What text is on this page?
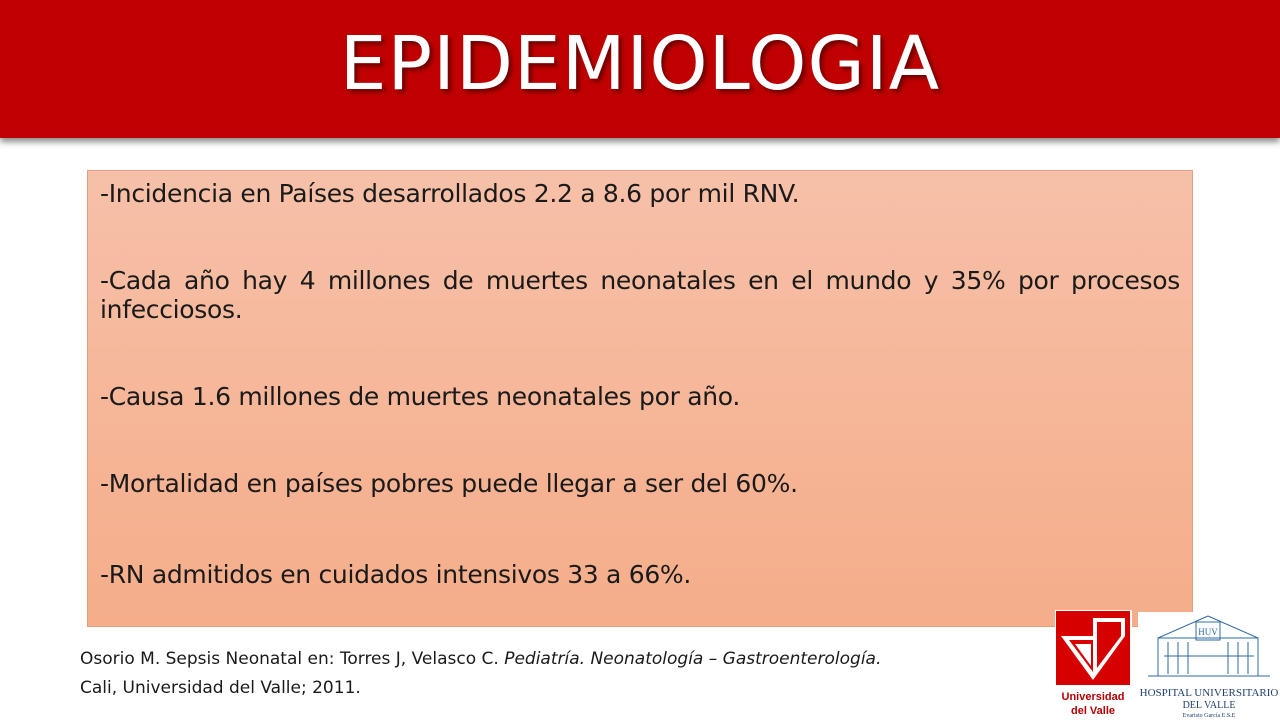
EPIDEMIOLOGIA

-Incidencia en Países desarrollados 2.2 a 8.6 por mil RNV.

-Cada año hay 4 millones de muertes neonatales en el mundo y 35% por procesos infecciosos.

-Causa 1.6 millones de muertes neonatales por año.

-Mortalidad en países pobres puede llegar a ser del 60%.

-RN admitidos en cuidados intensivos 33 a 66%.

Osorio M. Sepsis Neonatal en: Torres J, Velasco C. Pediatría. Neonatología – Gastroenterología.
Cali, Universidad del Valle; 2011.	Universidad
del Valle
HUV
HOSPITAL UNIVERSITARIO
DEL VALLE
Evaristo García E.S.E
